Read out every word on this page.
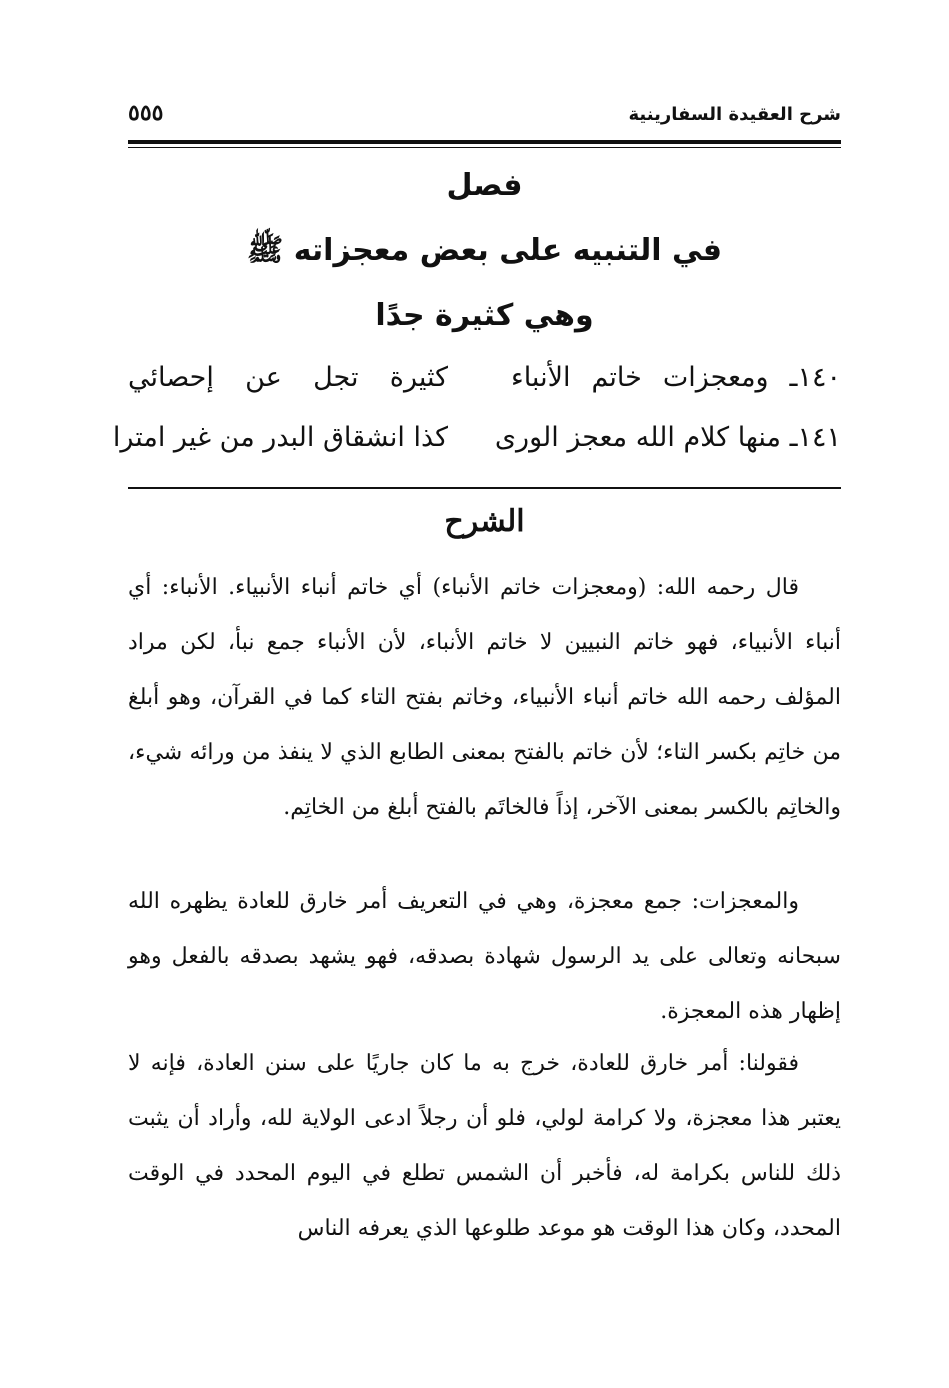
شرح العقيدة السفارينية
٥٥٥
فصل
في التنبيه على بعض معجزاته ﷺ
وهي كثيرة جدًا
١٤٠ـ ومعجزات خاتم الأنباء
كثيرة تجل عن إحصائي
١٤١ـ منها كلام الله معجز الورى
كذا انشقاق البدر من غير امترا
الشرح

قال رحمه الله: (ومعجزات خاتم الأنباء) أي خاتم أنباء الأنبياء. الأنباء: أي أنباء الأنبياء، فهو خاتم النبيين لا خاتم الأنباء، لأن الأنباء جمع نبأ، لكن مراد المؤلف رحمه الله خاتم أنباء الأنبياء، وخاتم بفتح التاء كما في القرآن، وهو أبلغ من خاتِم بكسر التاء؛ لأن خاتم بالفتح بمعنى الطابع الذي لا ينفذ من ورائه شيء، والخاتِم بالكسر بمعنى الآخر، إذاً فالخاتَم بالفتح أبلغ من الخاتِم.

والمعجزات: جمع معجزة، وهي في التعريف أمر خارق للعادة يظهره الله سبحانه وتعالى على يد الرسول شهادة بصدقه، فهو يشهد بصدقه بالفعل وهو إظهار هذه المعجزة.

فقولنا: أمر خارق للعادة، خرج به ما كان جاريًا على سنن العادة، فإنه لا يعتبر هذا معجزة، ولا كرامة لولي، فلو أن رجلاً ادعى الولاية لله، وأراد أن يثبت ذلك للناس بكرامة له، فأخبر أن الشمس تطلع في اليوم المحدد في الوقت المحدد، وكان هذا الوقت هو موعد طلوعها الذي يعرفه الناس
